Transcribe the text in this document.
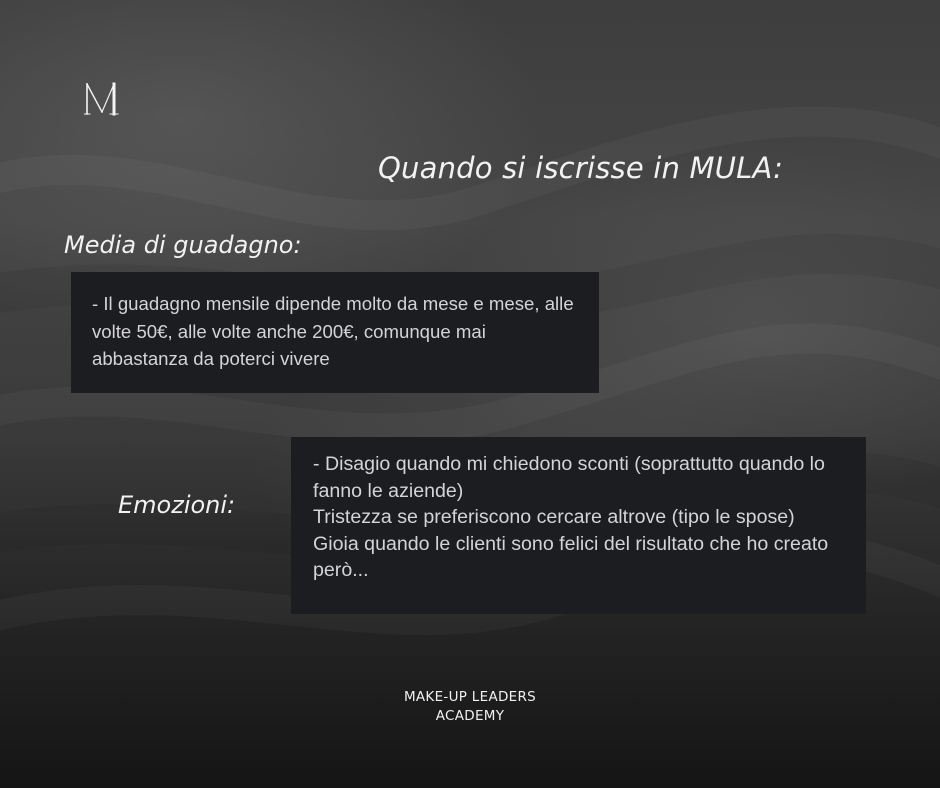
Quando si iscrisse in MULA:
Media di guadagno:

- Il guadagno mensile dipende molto da mese e mese, alle volte 50€, alle volte anche 200€, comunque mai abbastanza da poterci vivere

Emozioni:

- Disagio quando mi chiedono sconti (soprattutto quando lo fanno le aziende)

Tristezza se preferiscono cercare altrove (tipo le spose)

Gioia quando le clienti sono felici del risultato che ho creato però...

MAKE-UP LEADERS
ACADEMY
